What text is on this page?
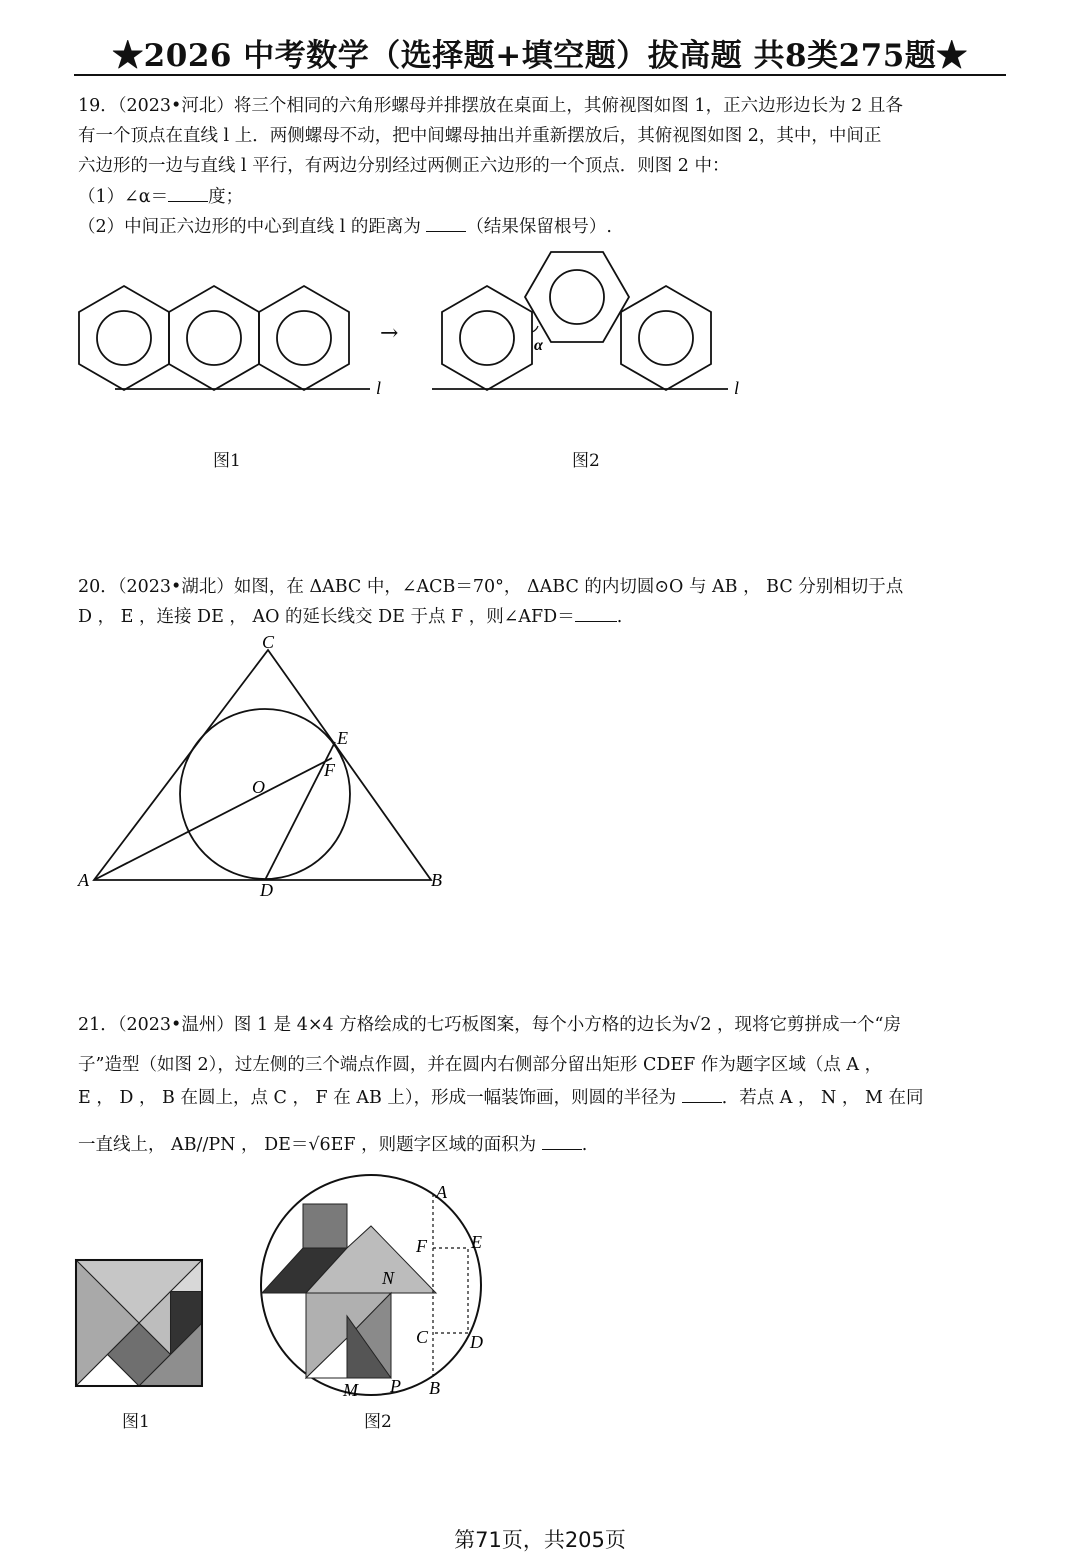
★2026 中考数学（选择题+填空题）拔高题 共8类275题★
19．（2023•河北）将三个相同的六角形螺母并排摆放在桌面上，其俯视图如图 1，正六边形边长为 2 且各
有一个顶点在直线 l 上．两侧螺母不动，把中间螺母抽出并重新摆放后，其俯视图如图 2，其中，中间正
六边形的一边与直线 l 平行，有两边分别经过两侧正六边形的一个顶点．则图 2 中：
（1）∠α＝ 度；
（2）中间正六边形的中心到直线 l 的距离为 （结果保留根号）.
l
→	α
l
图1	图2
20．（2023•湖北）如图，在 ΔABC 中，∠ACB＝70°， ΔABC 的内切圆⊙O 与 AB ， BC 分别相切于点
D ， E ，连接 DE ， AO 的延长线交 DE 于点 F ，则∠AFD＝ .
A	B
C
D
E
F
O
21．（2023•温州）图 1 是 4×4 方格绘成的七巧板图案，每个小方格的边长为√2 ，现将它剪拼成一个“房
子”造型（如图 2），过左侧的三个端点作圆，并在圆内右侧部分留出矩形 CDEF 作为题字区域（点 A ，
E ， D ， B 在圆上，点 C ， F 在 AB 上），形成一幅装饰画，则圆的半径为 ．若点 A ， N ， M 在同
一直线上， AB//PN ， DE＝√6EF ，则题字区域的面积为 .
图1
A
B
C D
E
F
M
N
P
图2
第71页，共205页
